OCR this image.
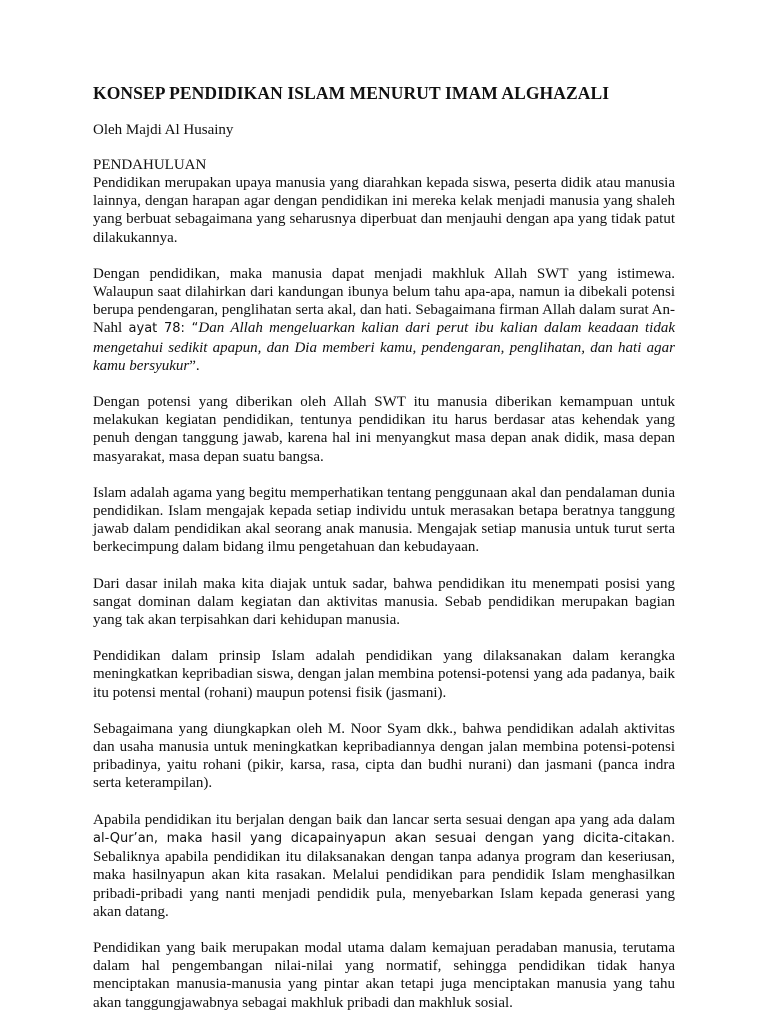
KONSEP PENDIDIKAN ISLAM MENURUT IMAM ALGHAZALI
Oleh Majdi Al Husainy
PENDAHULUAN

Pendidikan merupakan upaya manusia yang diarahkan kepada siswa, peserta didik atau manusia lainnya, dengan harapan agar dengan pendidikan ini mereka kelak menjadi manusia yang shaleh yang berbuat sebagaimana yang seharusnya diperbuat dan menjauhi dengan apa yang tidak patut dilakukannya.

Dengan pendidikan, maka manusia dapat menjadi makhluk Allah SWT yang istimewa. Walaupun saat dilahirkan dari kandungan ibunya belum tahu apa-apa, namun ia dibekali potensi berupa pendengaran, penglihatan serta akal, dan hati. Sebagaimana firman Allah dalam surat An-Nahl ayat 78: “Dan Allah mengeluarkan kalian dari perut ibu kalian dalam keadaan tidak mengetahui sedikit apapun, dan Dia memberi kamu, pendengaran, penglihatan, dan hati agar kamu bersyukur”.

Dengan potensi yang diberikan oleh Allah SWT itu manusia diberikan kemampuan untuk melakukan kegiatan pendidikan, tentunya pendidikan itu harus berdasar atas kehendak yang penuh dengan tanggung jawab, karena hal ini menyangkut masa depan anak didik, masa depan masyarakat, masa depan suatu bangsa.

Islam adalah agama yang begitu memperhatikan tentang penggunaan akal dan pendalaman dunia pendidikan. Islam mengajak kepada setiap individu untuk merasakan betapa beratnya tanggung jawab dalam pendidikan akal seorang anak manusia. Mengajak setiap manusia untuk turut serta berkecimpung dalam bidang ilmu pengetahuan dan kebudayaan.

Dari dasar inilah maka kita diajak untuk sadar, bahwa pendidikan itu menempati posisi yang sangat dominan dalam kegiatan dan aktivitas manusia. Sebab pendidikan merupakan bagian yang tak akan terpisahkan dari kehidupan manusia.

Pendidikan dalam prinsip Islam adalah pendidikan yang dilaksanakan dalam kerangka meningkatkan kepribadian siswa, dengan jalan membina potensi-potensi yang ada padanya, baik itu potensi mental (rohani) maupun potensi fisik (jasmani).

Sebagaimana yang diungkapkan oleh M. Noor Syam dkk., bahwa pendidikan adalah aktivitas dan usaha manusia untuk meningkatkan kepribadiannya dengan jalan membina potensi-potensi pribadinya, yaitu rohani (pikir, karsa, rasa, cipta dan budhi nurani) dan jasmani (panca indra serta keterampilan).

Apabila pendidikan itu berjalan dengan baik dan lancar serta sesuai dengan apa yang ada dalam al-Qur’an, maka hasil yang dicapainyapun akan sesuai dengan yang dicita-citakan. Sebaliknya apabila pendidikan itu dilaksanakan dengan tanpa adanya program dan keseriusan, maka hasilnyapun akan kita rasakan. Melalui pendidikan para pendidik Islam menghasilkan pribadi-pribadi yang nanti menjadi pendidik pula, menyebarkan Islam kepada generasi yang akan datang.

Pendidikan yang baik merupakan modal utama dalam kemajuan peradaban manusia, terutama dalam hal pengembangan nilai-nilai yang normatif, sehingga pendidikan tidak hanya menciptakan manusia-manusia yang pintar akan tetapi juga menciptakan manusia yang tahu akan tanggungjawabnya sebagai makhluk pribadi dan makhluk sosial.
